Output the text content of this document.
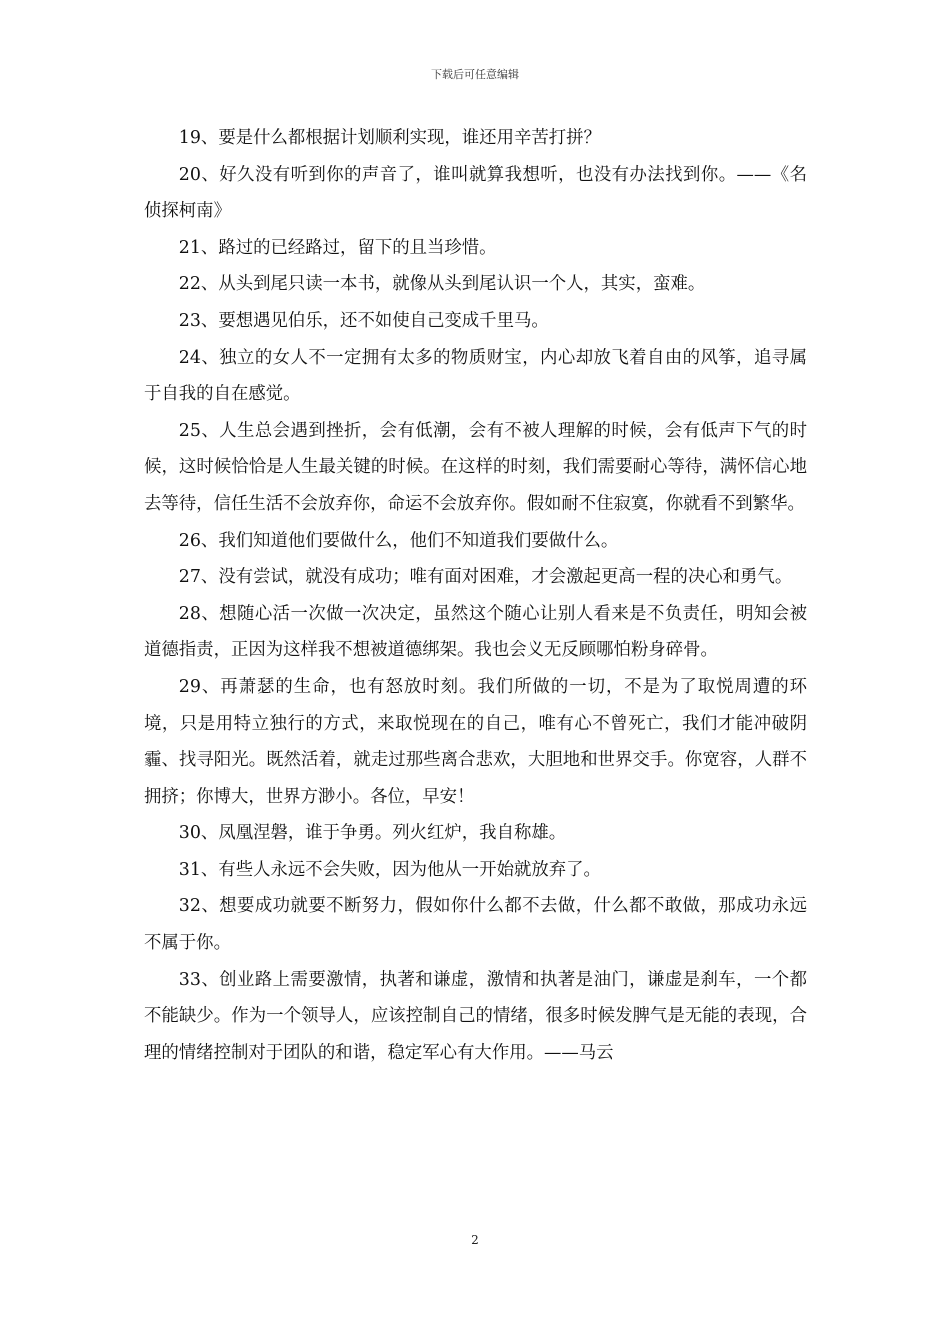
下载后可任意编辑

19、要是什么都根据计划顺利实现，谁还用辛苦打拼？

20、好久没有听到你的声音了，谁叫就算我想听，也没有办法找到你。——《名侦探柯南》

21、路过的已经路过，留下的且当珍惜。

22、从头到尾只读一本书，就像从头到尾认识一个人，其实，蛮难。

23、要想遇见伯乐，还不如使自己变成千里马。

24、独立的女人不一定拥有太多的物质财宝，内心却放飞着自由的风筝，追寻属于自我的自在感觉。

25、人生总会遇到挫折，会有低潮，会有不被人理解的时候，会有低声下气的时候，这时候恰恰是人生最关键的时候。在这样的时刻，我们需要耐心等待，满怀信心地去等待，信任生活不会放弃你，命运不会放弃你。假如耐不住寂寞，你就看不到繁华。

26、我们知道他们要做什么，他们不知道我们要做什么。

27、没有尝试，就没有成功；唯有面对困难，才会激起更高一程的决心和勇气。

28、想随心活一次做一次决定，虽然这个随心让别人看来是不负责任，明知会被道德指责，正因为这样我不想被道德绑架。我也会义无反顾哪怕粉身碎骨。

29、再萧瑟的生命，也有怒放时刻。我们所做的一切，不是为了取悦周遭的环境，只是用特立独行的方式，来取悦现在的自己，唯有心不曾死亡，我们才能冲破阴霾、找寻阳光。既然活着，就走过那些离合悲欢，大胆地和世界交手。你宽容，人群不拥挤；你博大，世界方渺小。各位，早安！

30、凤凰涅磐，谁于争勇。列火红炉，我自称雄。

31、有些人永远不会失败，因为他从一开始就放弃了。

32、想要成功就要不断努力，假如你什么都不去做，什么都不敢做，那成功永远不属于你。

33、创业路上需要激情，执著和谦虚，激情和执著是油门，谦虚是刹车，一个都不能缺少。作为一个领导人，应该控制自己的情绪，很多时候发脾气是无能的表现，合理的情绪控制对于团队的和谐，稳定军心有大作用。——马云

2
